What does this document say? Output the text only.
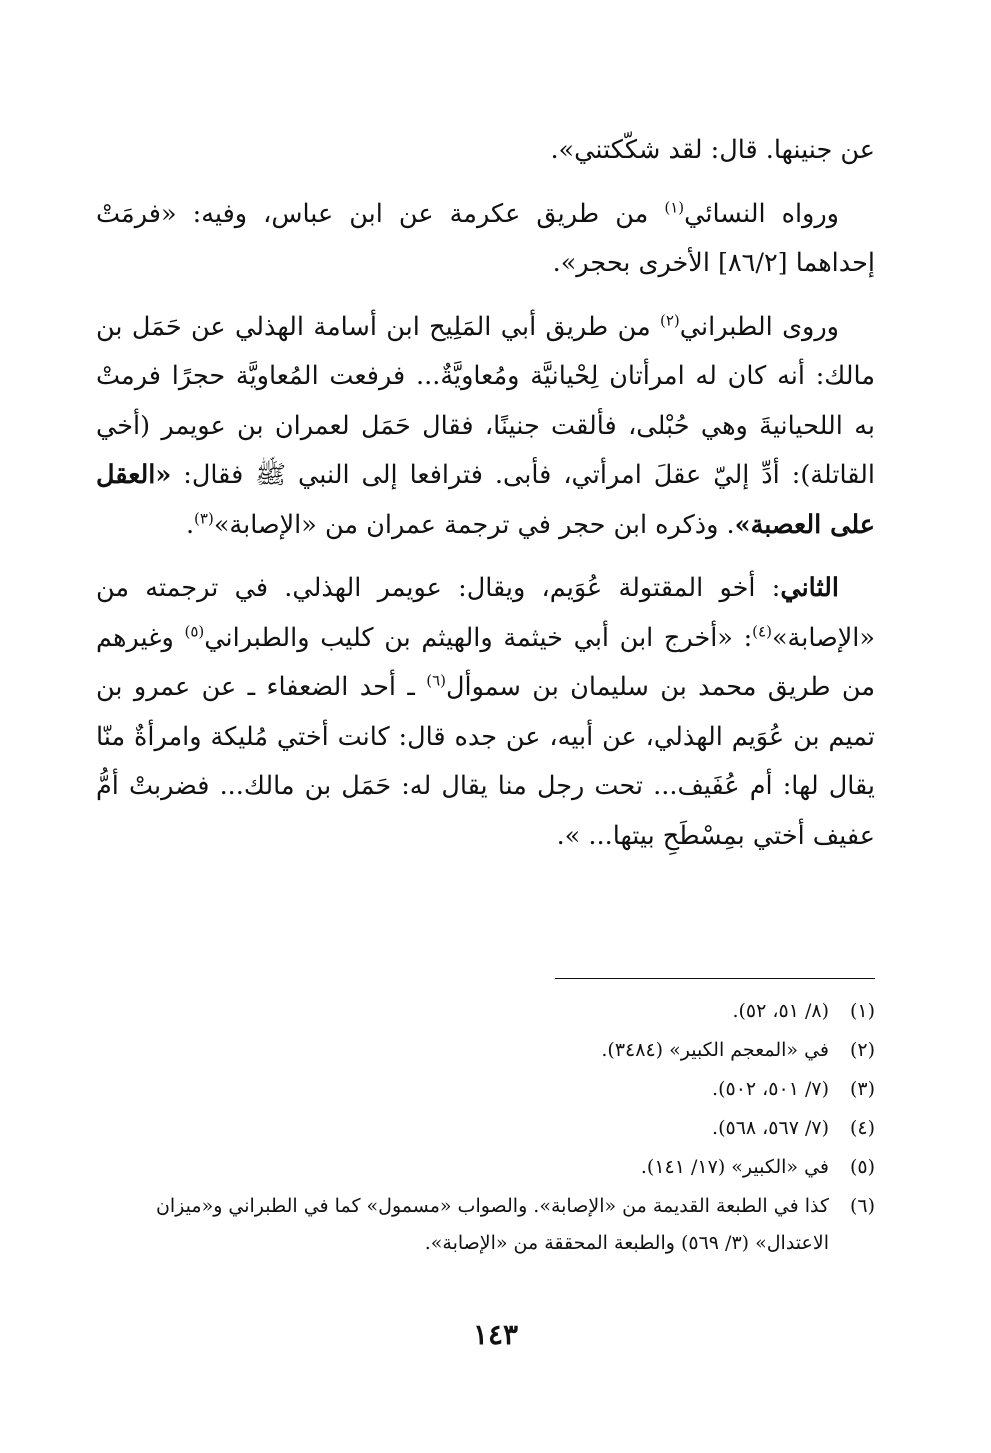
عن جنينها. قال: لقد شكّكتني».

ورواه النسائي$^{(١)}$ من طريق عكرمة عن ابن عباس، وفيه: «فرمَتْ إحداهما [٨٦/٢] الأخرى بحجر».

وروى الطبراني$^{(٢)}$ من طريق أبي المَلِيح ابن أسامة الهذلي عن حَمَل بن مالك: أنه كان له امرأتان لِحْيانيَّة ومُعاويَّةٌ... فرفعت المُعاويَّة حجرًا فرمتْ به اللحيانيةَ وهي حُبْلى، فألقت جنينًا، فقال حَمَل لعمران بن عويمر (أخي القاتلة): أدِّ إليّ عقلَ امرأتي، فأبى. فترافعا إلى النبي ﷺ فقال: «العقل على العصبة». وذكره ابن حجر في ترجمة عمران من «الإصابة»$^{(٣)}$.

الثاني: أخو المقتولة عُوَيم، ويقال: عويمر الهذلي. في ترجمته من «الإصابة»$^{(٤)}$: «أخرج ابن أبي خيثمة والهيثم بن كليب والطبراني$^{(٥)}$ وغيرهم من طريق محمد بن سليمان بن سموأل$^{(٦)}$ ـ أحد الضعفاء ـ عن عمرو بن تميم بن عُوَيم الهذلي، عن أبيه، عن جده قال: كانت أختي مُليكة وامرأةٌ منّا يقال لها: أم عُفَيف... تحت رجل منا يقال له: حَمَل بن مالك... فضربتْ أمُّ عفيف أختي بمِسْطَحِ بيتها... ».

(١)
(٨/ ٥١، ٥٢).
(٢)
في «المعجم الكبير» (٣٤٨٤).
(٣)
(٧/ ٥٠١، ٥٠٢).
(٤)
(٧/ ٥٦٧، ٥٦٨).
(٥)
في «الكبير» (١٧/ ١٤١).
(٦)
كذا في الطبعة القديمة من «الإصابة». والصواب «مسمول» كما في الطبراني و«ميزان الاعتدال» (٣/ ٥٦٩) والطبعة المحققة من «الإصابة».
١٤٣
